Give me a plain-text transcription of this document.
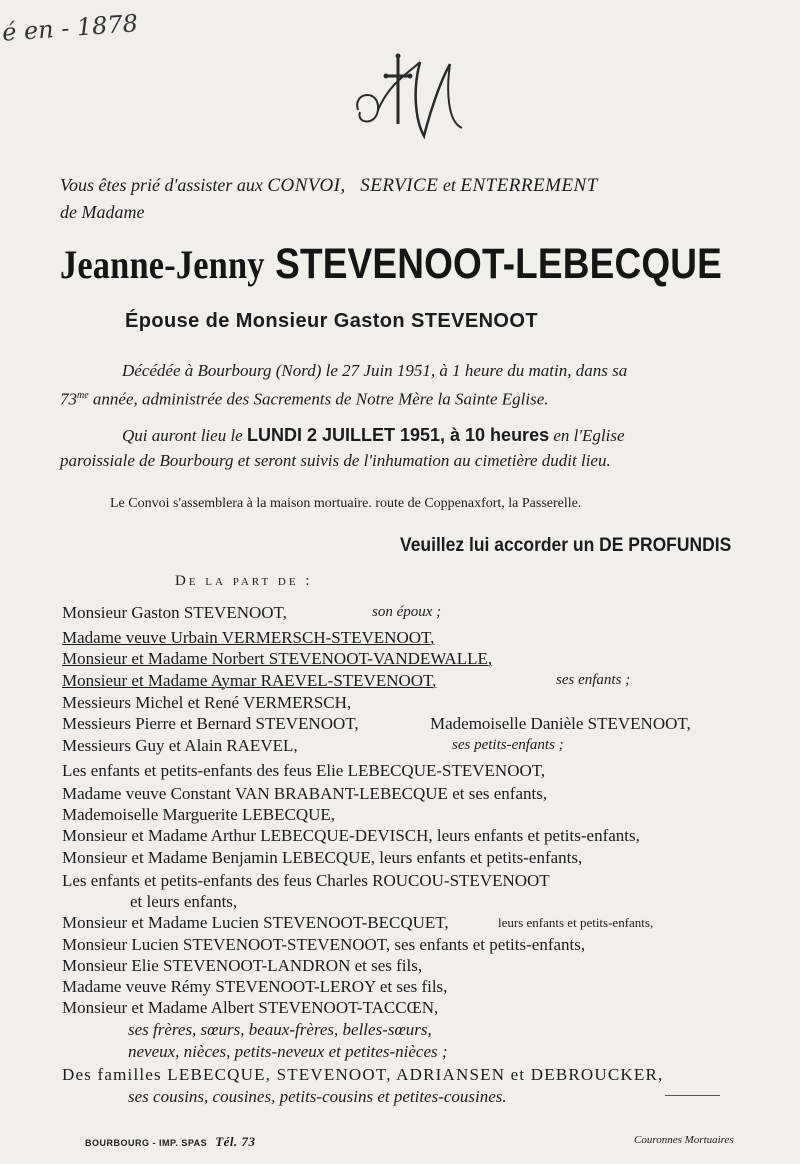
é en - 1878
Vous êtes prié d'assister aux CONVOI, SERVICE et ENTERREMENT
de Madame
Jeanne-Jenny STEVENOOT-LEBECQUE
Épouse de Monsieur Gaston STEVENOOT
Décédée à Bourbourg (Nord) le 27 Juin 1951, à 1 heure du matin, dans sa
$73^{me}$ année, administrée des Sacrements de Notre Mère la Sainte Eglise.
Qui auront lieu le LUNDI 2 JUILLET 1951, à 10 heures en l'Eglise
paroissiale de Bourbourg et seront suivis de l'inhumation au cimetière dudit lieu.
Le Convoi s'assemblera à la maison mortuaire. route de Coppenaxfort, la Passerelle.
Veuillez lui accorder un DE PROFUNDIS
De la part de :
Monsieur Gaston STEVENOOT,	son époux ;
Madame veuve Urbain VERMERSCH-STEVENOOT,
Monsieur et Madame Norbert STEVENOOT-VANDEWALLE,
Monsieur et Madame Aymar RAEVEL-STEVENOOT,	ses enfants ;
Messieurs Michel et René VERMERSCH,
Messieurs Pierre et Bernard STEVENOOT,	Mademoiselle Danièle STEVENOOT,
Messieurs Guy et Alain RAEVEL,	ses petits-enfants ;
Les enfants et petits-enfants des feus Elie LEBECQUE-STEVENOOT,
Madame veuve Constant VAN BRABANT-LEBECQUE et ses enfants,
Mademoiselle Marguerite LEBECQUE,
Monsieur et Madame Arthur LEBECQUE-DEVISCH, leurs enfants et petits-enfants,
Monsieur et Madame Benjamin LEBECQUE, leurs enfants et petits-enfants,
Les enfants et petits-enfants des feus Charles ROUCOU-STEVENOOT
et leurs enfants,
Monsieur et Madame Lucien STEVENOOT-BECQUET,	leurs enfants et petits-enfants,
Monsieur Lucien STEVENOOT-STEVENOOT, ses enfants et petits-enfants,
Monsieur Elie STEVENOOT-LANDRON et ses fils,
Madame veuve Rémy STEVENOOT-LEROY et ses fils,
Monsieur et Madame Albert STEVENOOT-TACCŒN,
ses frères, sœurs, beaux-frères, belles-sœurs,
neveux, nièces, petits-neveux et petites-nièces ;
Des familles LEBECQUE, STEVENOOT, ADRIANSEN et DEBROUCKER,
ses cousins, cousines, petits-cousins et petites-cousines.
BOURBOURG - IMP. SPAS Tél. 73	Couronnes Mortuaires
